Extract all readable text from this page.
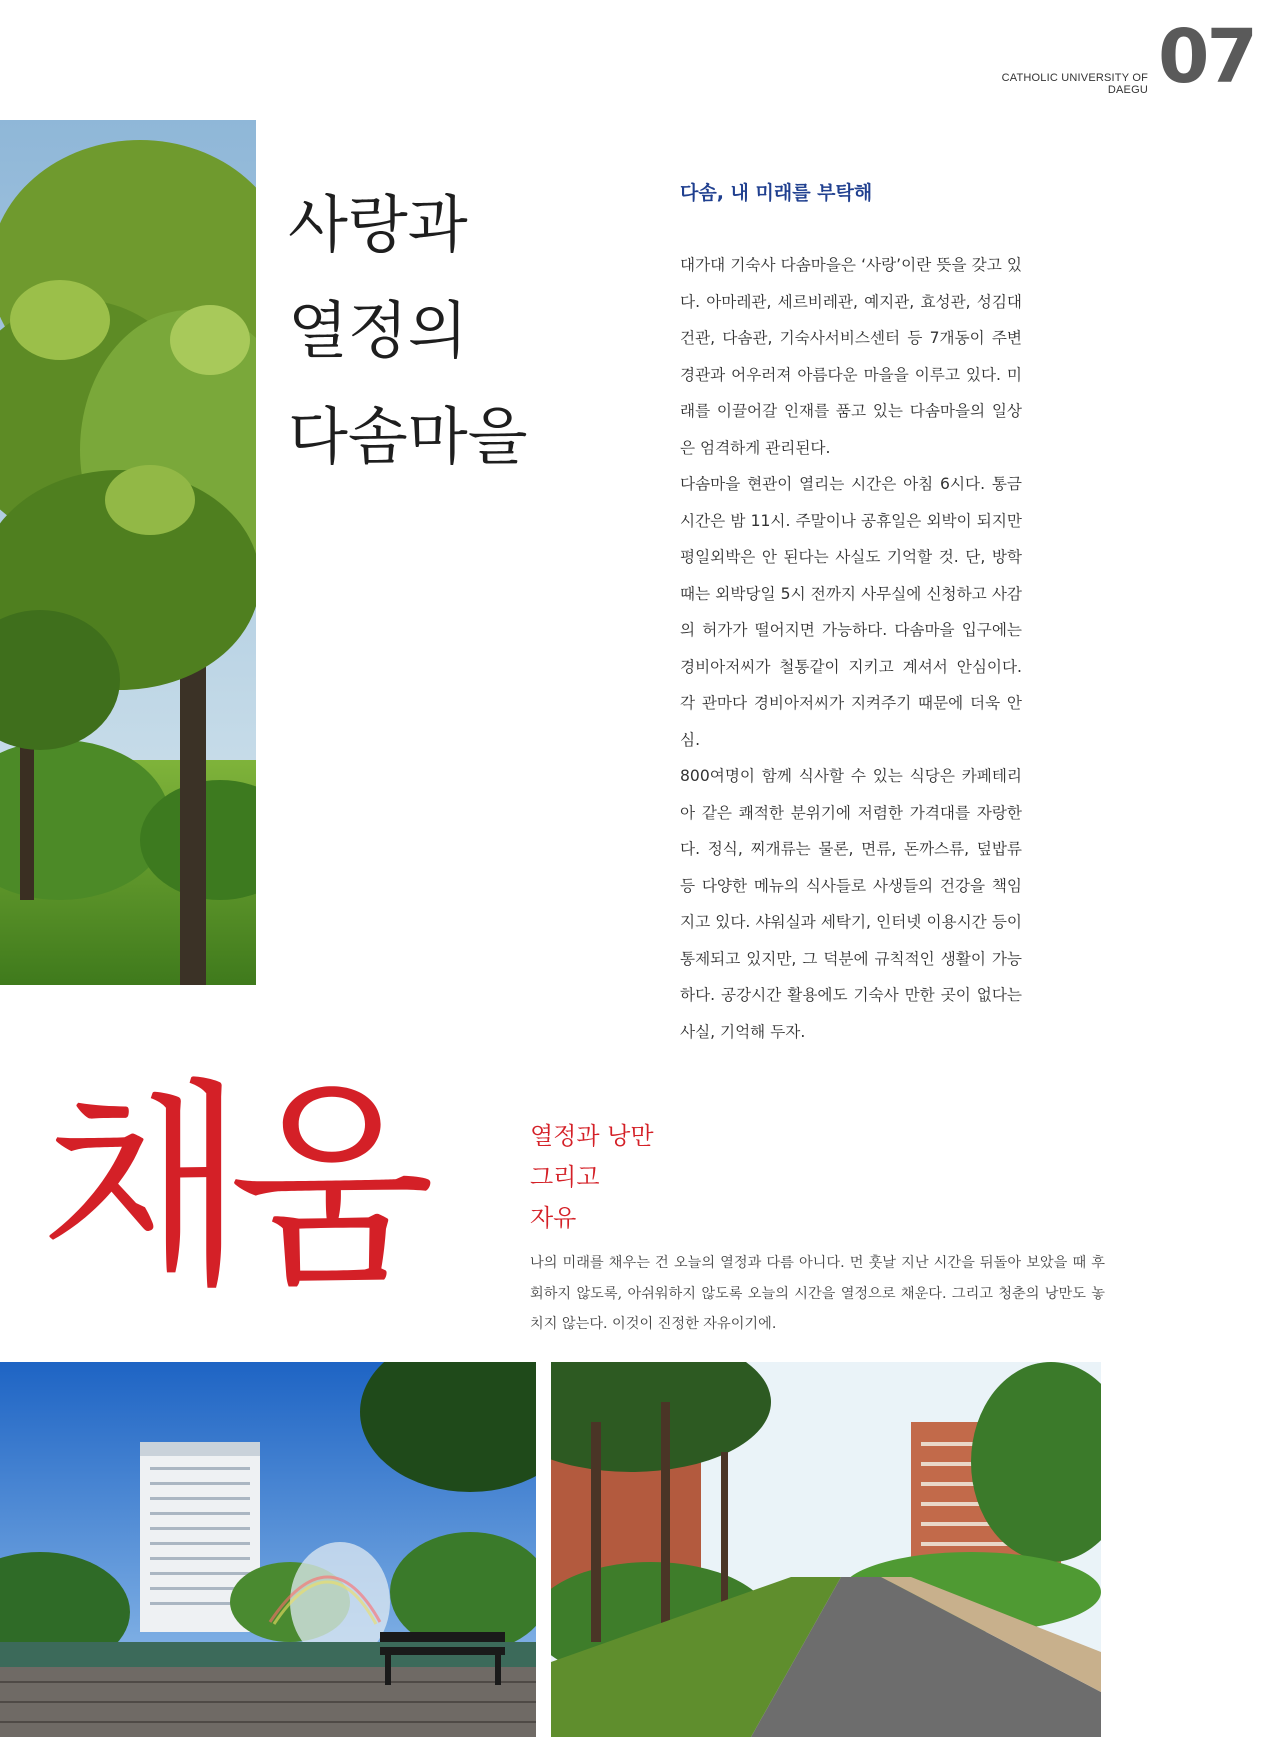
CATHOLIC UNIVERSITY OF DAEGU 07
사랑과
열정의
다솜마을
다솜, 내 미래를 부탁해

대가대 기숙사 다솜마을은 ‘사랑’이란 뜻을 갖고 있다. 아마레관, 세르비레관, 예지관, 효성관, 성김대건관, 다솜관, 기숙사서비스센터 등 7개동이 주변경관과 어우러져 아름다운 마을을 이루고 있다. 미래를 이끌어갈 인재를 품고 있는 다솜마을의 일상은 엄격하게 관리된다.

다솜마을 현관이 열리는 시간은 아침 6시다. 통금시간은 밤 11시. 주말이나 공휴일은 외박이 되지만 평일외박은 안 된다는 사실도 기억할 것. 단, 방학 때는 외박당일 5시 전까지 사무실에 신청하고 사감의 허가가 떨어지면 가능하다. 다솜마을 입구에는 경비아저씨가 철통같이 지키고 계셔서 안심이다. 각 관마다 경비아저씨가 지켜주기 때문에 더욱 안심.

800여명이 함께 식사할 수 있는 식당은 카페테리아 같은 쾌적한 분위기에 저렴한 가격대를 자랑한다. 정식, 찌개류는 물론, 면류, 돈까스류, 덮밥류 등 다양한 메뉴의 식사들로 사생들의 건강을 책임지고 있다. 샤워실과 세탁기, 인터넷 이용시간 등이 통제되고 있지만, 그 덕분에 규칙적인 생활이 가능하다. 공강시간 활용에도 기숙사 만한 곳이 없다는 사실, 기억해 두자.

채움	열정과 낭만
그리고
자유
나의 미래를 채우는 건 오늘의 열정과 다름 아니다. 먼 훗날 지난 시간을 뒤돌아 보았을 때 후회하지 않도록, 아쉬워하지 않도록 오늘의 시간을 열정으로 채운다. 그리고 청춘의 낭만도 놓치지 않는다. 이것이 진정한 자유이기에.
